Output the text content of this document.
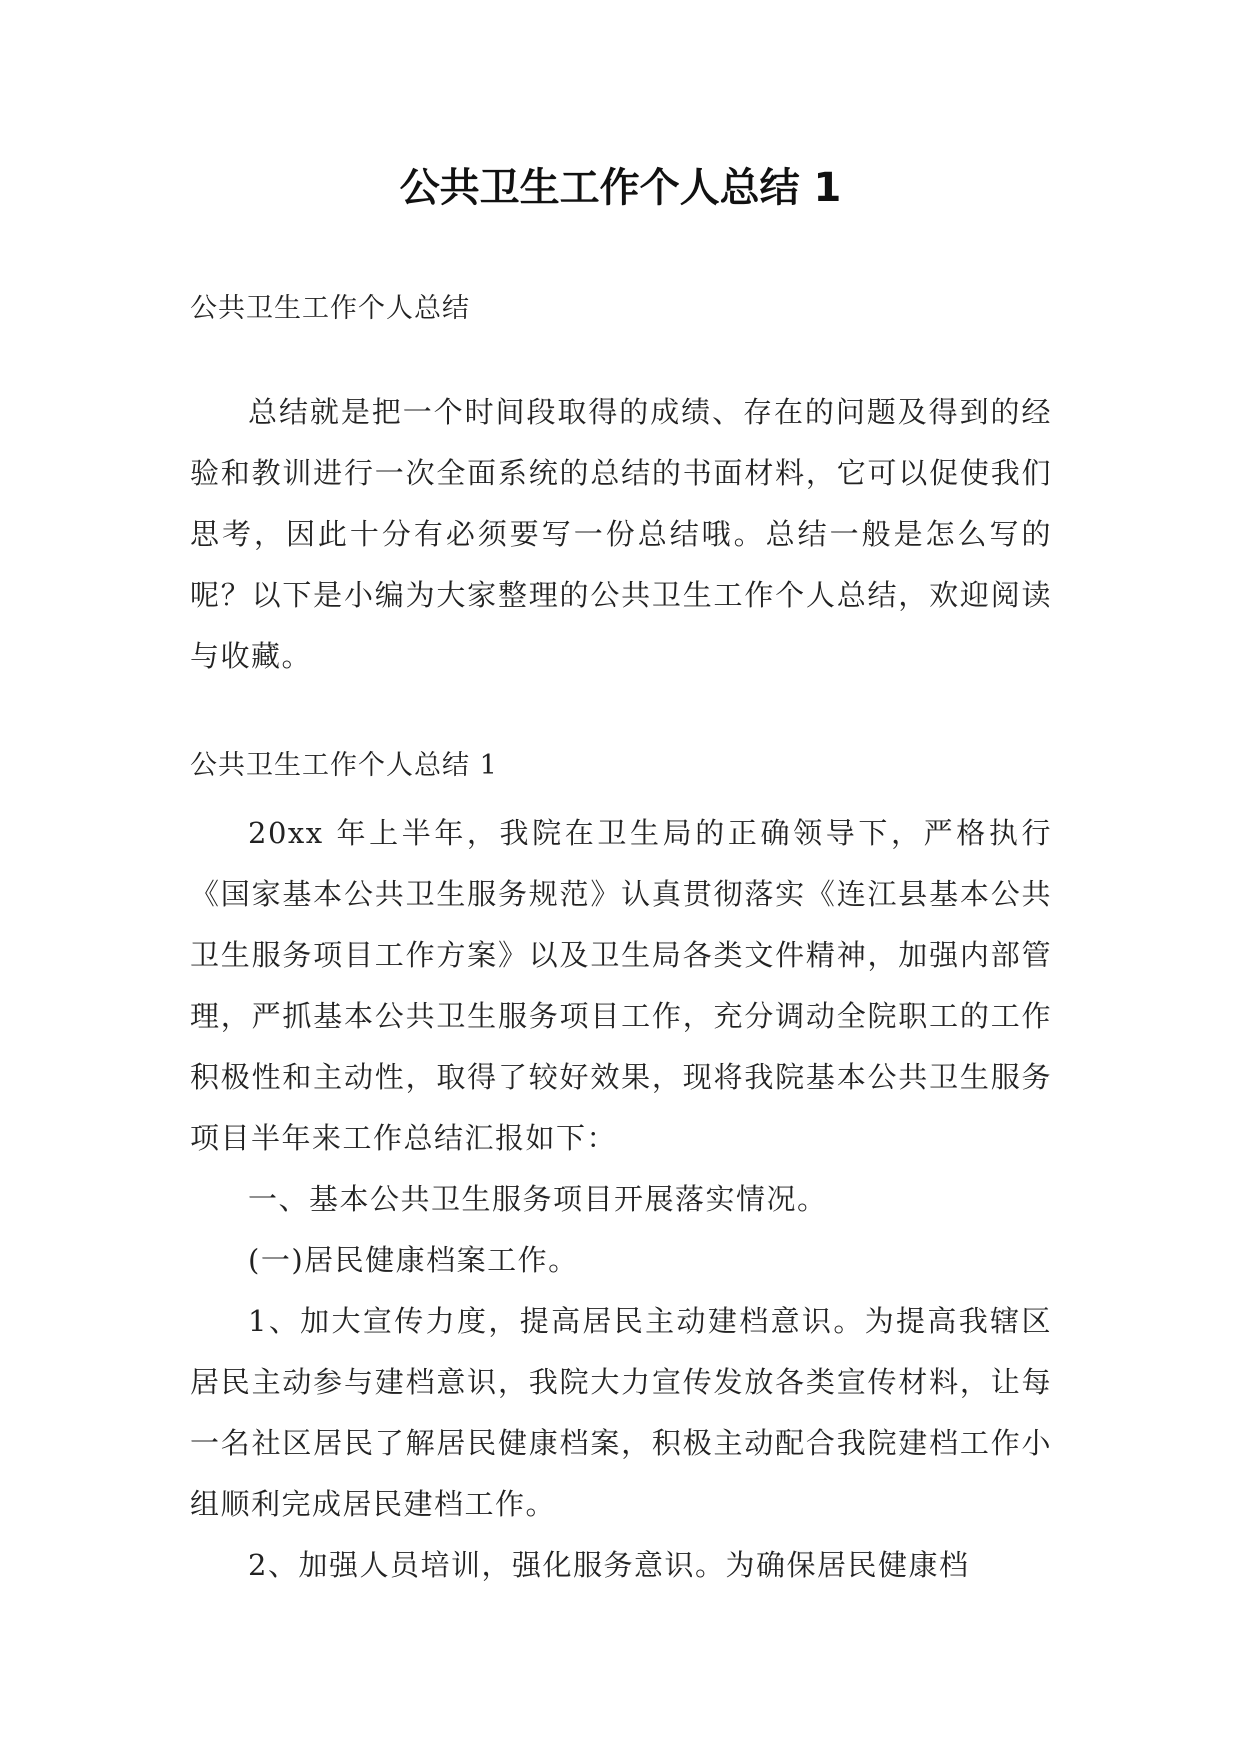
公共卫生工作个人总结 1

公共卫生工作个人总结

总结就是把一个时间段取得的成绩、存在的问题及得到的经验和教训进行一次全面系统的总结的书面材料，它可以促使我们思考，因此十分有必须要写一份总结哦。总结一般是怎么写的呢？以下是小编为大家整理的公共卫生工作个人总结，欢迎阅读与收藏。

公共卫生工作个人总结 1

20xx 年上半年，我院在卫生局的正确领导下，严格执行《国家基本公共卫生服务规范》认真贯彻落实《连江县基本公共卫生服务项目工作方案》以及卫生局各类文件精神，加强内部管理，严抓基本公共卫生服务项目工作，充分调动全院职工的工作积极性和主动性，取得了较好效果，现将我院基本公共卫生服务项目半年来工作总结汇报如下：

一、基本公共卫生服务项目开展落实情况。

(一)居民健康档案工作。

1、加大宣传力度，提高居民主动建档意识。为提高我辖区居民主动参与建档意识，我院大力宣传发放各类宣传材料，让每一名社区居民了解居民健康档案，积极主动配合我院建档工作小组顺利完成居民建档工作。

2、加强人员培训，强化服务意识。为确保居民健康档
